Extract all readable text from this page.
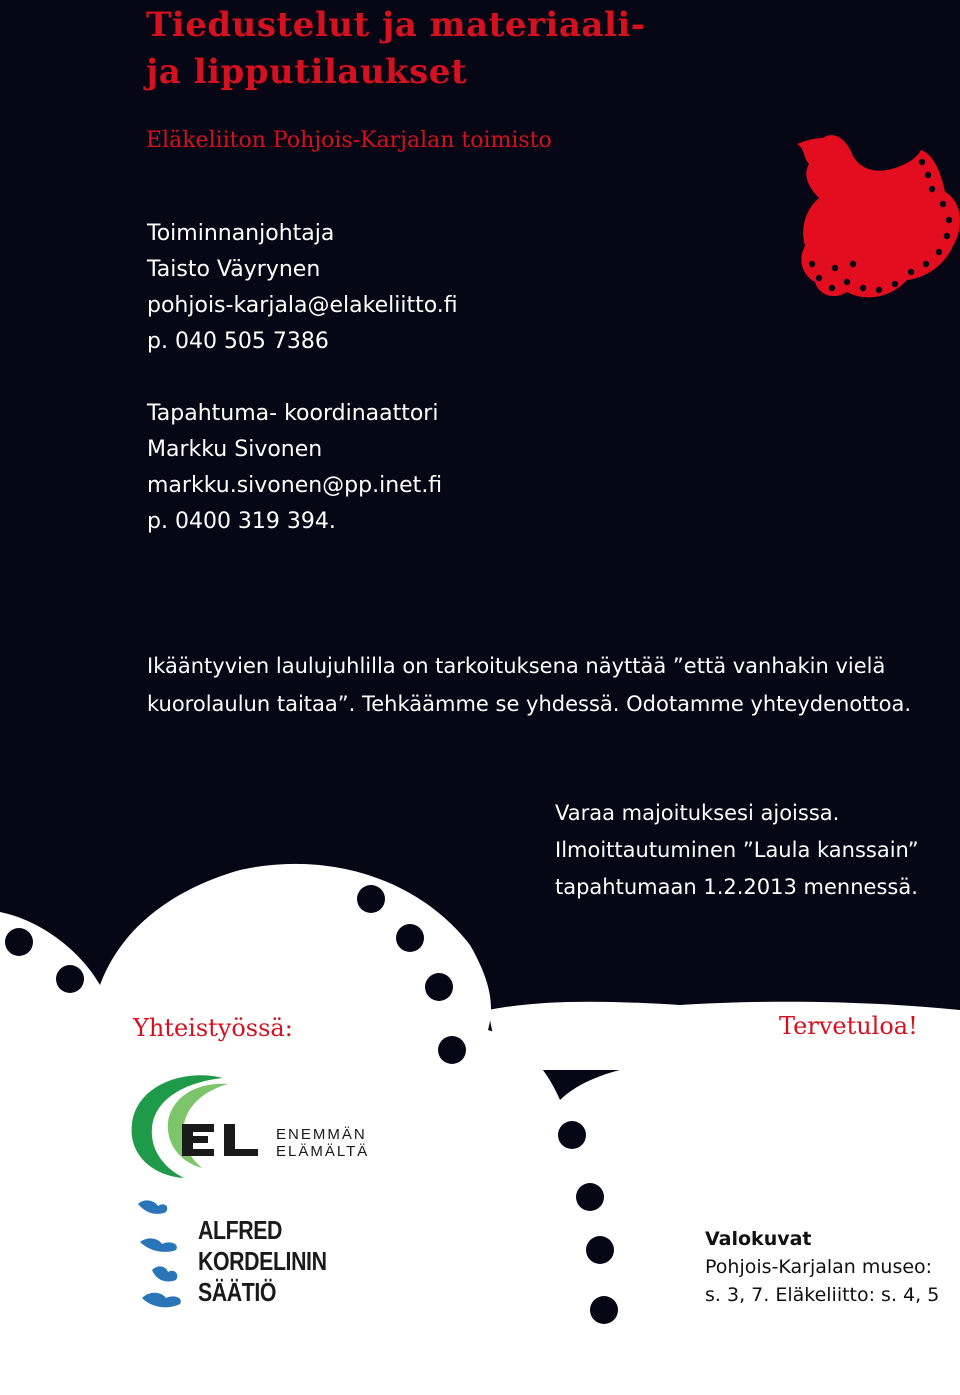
Tiedustelut ja materiaali-
ja lipputilaukset
Eläkeliiton Pohjois-Karjalan toimisto
Toiminnanjohtaja
Taisto Väyrynen
pohjois-karjala@elakeliitto.fi
p. 040 505 7386
Tapahtuma- koordinaattori
Markku Sivonen
markku.sivonen@pp.inet.fi
p. 0400 319 394.
Ikääntyvien laulujuhlilla on tarkoituksena näyttää ”että vanhakin vielä
kuorolaulun taitaa”. Tehkäämme se yhdessä. Odotamme yhteydenottoa.
Varaa majoituksesi ajoissa.
Ilmoittautuminen ”Laula kanssain”
tapahtumaan 1.2.2013 mennessä.
Yhteistyössä:	Tervetuloa!
ENEMMÄN
ELÄMÄLTÄ
ALFRED
KORDELININ
SÄÄTIÖ
Valokuvat
Pohjois-Karjalan museo:
s. 3, 7. Eläkeliitto: s. 4, 5
